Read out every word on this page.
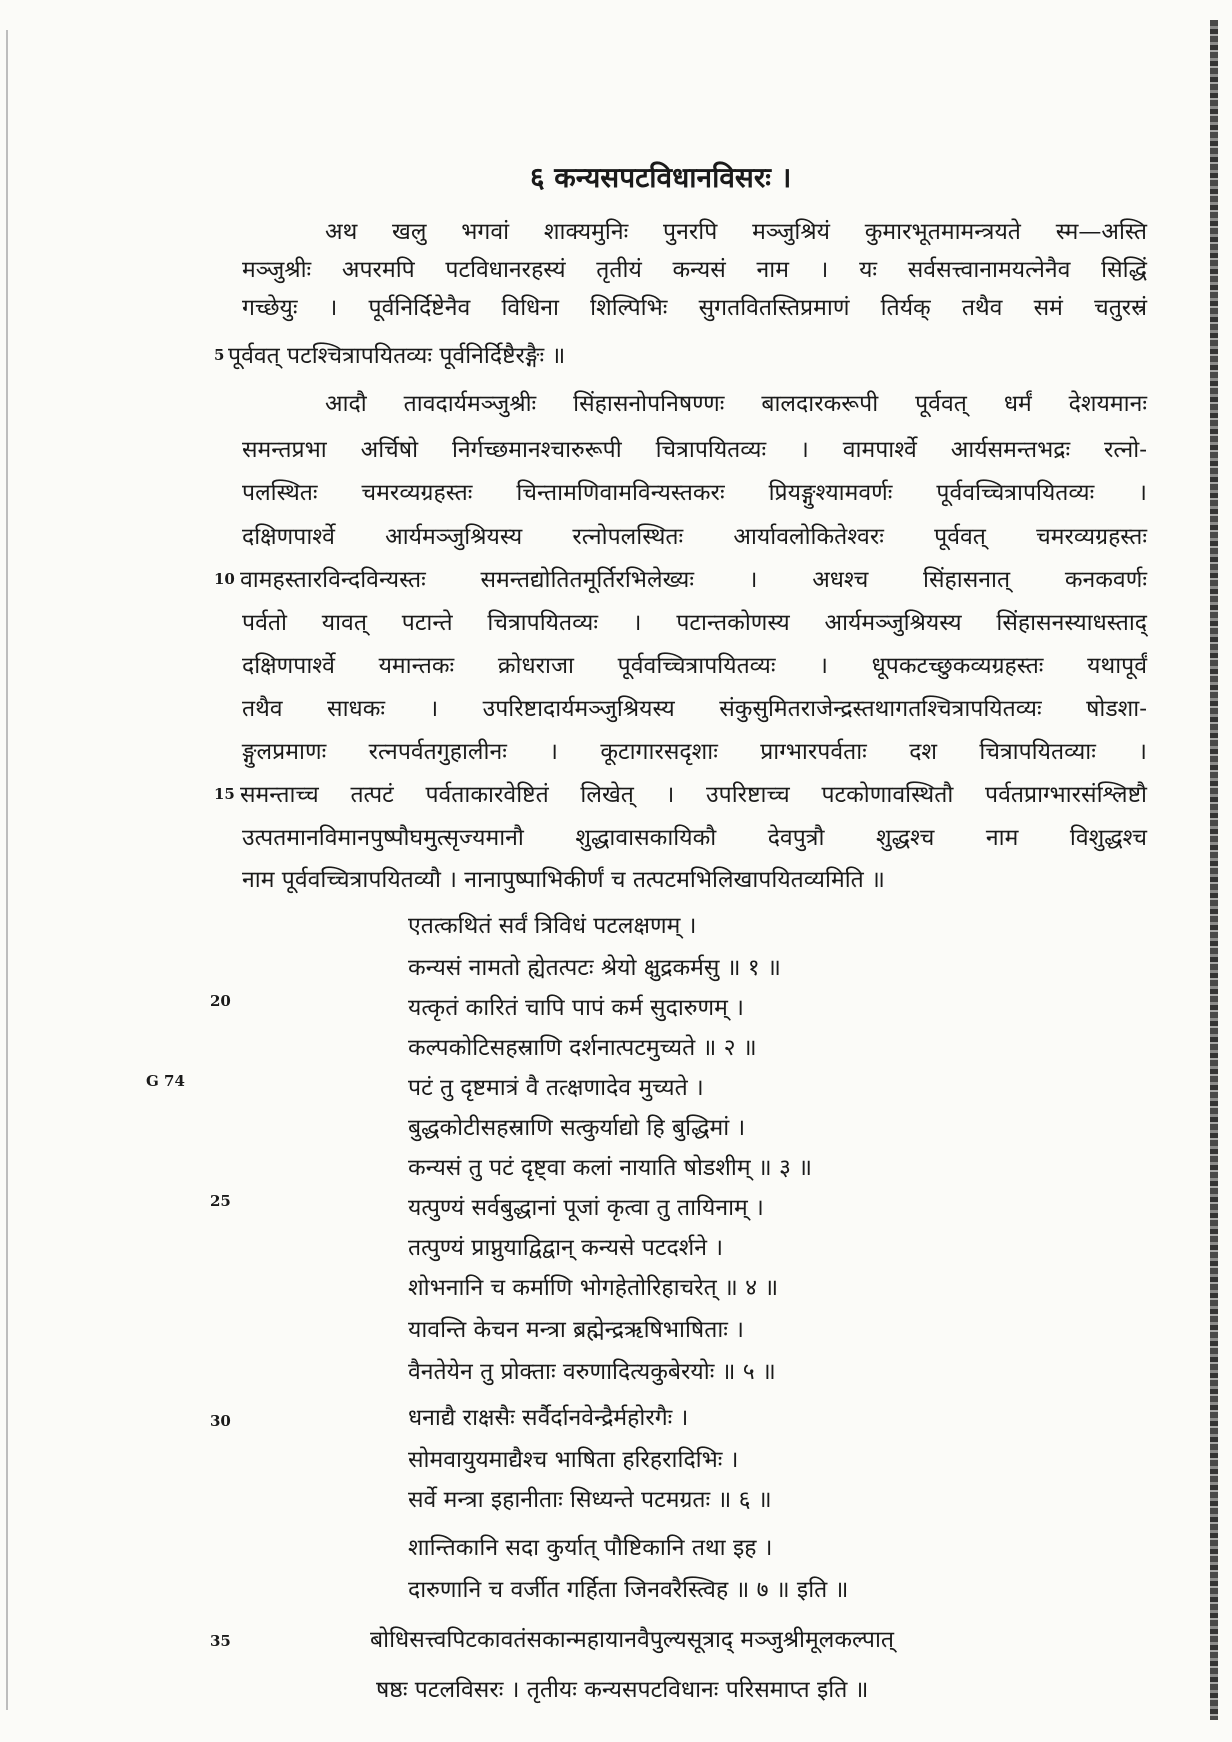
६ कन्यसपटविधानविसरः ।
अथ खलु भगवां शाक्यमुनिः पुनरपि मञ्जुश्रियं कुमारभूतमामन्त्रयते स्म—अस्ति
मञ्जुश्रीः अपरमपि पटविधानरहस्यं तृतीयं कन्यसं नाम । यः सर्वसत्त्वानामयत्नेनैव सिद्धिं
गच्छेयुः । पूर्वनिर्दिष्टेनैव विधिना शिल्पिभिः सुगतवितस्तिप्रमाणं तिर्यक् तथैव समं चतुरस्रं
5 पूर्ववत् पटश्चित्रापयितव्यः पूर्वनिर्दिष्टैरङ्गैः ॥
आदौ तावदार्यमञ्जुश्रीः सिंहासनोपनिषण्णः बालदारकरूपी पूर्ववत् धर्मं देशयमानः
समन्तप्रभा अर्चिषो निर्गच्छमानश्चारुरूपी चित्रापयितव्यः । वामपार्श्वे आर्यसमन्तभद्रः रत्नो-
पलस्थितः चमरव्यग्रहस्तः चिन्तामणिवामविन्यस्तकरः प्रियङ्गुश्यामवर्णः पूर्ववच्चित्रापयितव्यः ।
दक्षिणपार्श्वे आर्यमञ्जुश्रियस्य रत्नोपलस्थितः आर्यावलोकितेश्वरः पूर्ववत् चमरव्यग्रहस्तः
10 वामहस्तारविन्दविन्यस्तः समन्तद्योतितमूर्तिरभिलेख्यः । अधश्च सिंहासनात् कनकवर्णः
पर्वतो यावत् पटान्ते चित्रापयितव्यः । पटान्तकोणस्य आर्यमञ्जुश्रियस्य सिंहासनस्याधस्ताद्
दक्षिणपार्श्वे यमान्तकः क्रोधराजा पूर्ववच्चित्रापयितव्यः । धूपकटच्छुकव्यग्रहस्तः यथापूर्वं
तथैव साधकः । उपरिष्टादार्यमञ्जुश्रियस्य संकुसुमितराजेन्द्रस्तथागतश्चित्रापयितव्यः षोडशा-
ङ्गुलप्रमाणः रत्नपर्वतगुहालीनः । कूटागारसदृशाः प्राग्भारपर्वताः दश चित्रापयितव्याः ।
15 समन्ताच्च तत्पटं पर्वताकारवेष्टितं लिखेत् । उपरिष्टाच्च पटकोणावस्थितौ पर्वतप्राग्भारसंश्लिष्टौ
उत्पतमानविमानपुष्पौघमुत्सृज्यमानौ शुद्धावासकायिकौ देवपुत्रौ शुद्धश्च नाम विशुद्धश्च
नाम पूर्ववच्चित्रापयितव्यौ । नानापुष्पाभिकीर्णं च तत्पटमभिलिखापयितव्यमिति ॥
एतत्कथितं सर्वं त्रिविधं पटलक्षणम् ।
कन्यसं नामतो ह्येतत्पटः श्रेयो क्षुद्रकर्मसु ॥ १ ॥
20	यत्कृतं कारितं चापि पापं कर्म सुदारुणम् ।
कल्पकोटिसहस्राणि दर्शनात्पटमुच्यते ॥ २ ॥
G 74	पटं तु दृष्टमात्रं वै तत्क्षणादेव मुच्यते ।
बुद्धकोटीसहस्राणि सत्कुर्याद्यो हि बुद्धिमां ।
कन्यसं तु पटं दृष्ट्वा कलां नायाति षोडशीम् ॥ ३ ॥
25	यत्पुण्यं सर्वबुद्धानां पूजां कृत्वा तु तायिनाम् ।
तत्पुण्यं प्राप्नुयाद्विद्वान् कन्यसे पटदर्शने ।
शोभनानि च कर्माणि भोगहेतोरिहाचरेत् ॥ ४ ॥
यावन्ति केचन मन्त्रा ब्रह्मेन्द्रऋषिभाषिताः ।
वैनतेयेन तु प्रोक्ताः वरुणादित्यकुबेरयोः ॥ ५ ॥
30	धनाद्यै राक्षसैः सर्वैर्दानवेन्द्रैर्महोरगैः ।
सोमवायुयमाद्यैश्च भाषिता हरिहरादिभिः ।
सर्वे मन्त्रा इहानीताः सिध्यन्ते पटमग्रतः ॥ ६ ॥
शान्तिकानि सदा कुर्यात् पौष्टिकानि तथा इह ।
दारुणानि च वर्जीत गर्हिता जिनवरैस्त्विह ॥ ७ ॥ इति ॥
35	बोधिसत्त्वपिटकावतंसकान्महायानवैपुल्यसूत्राद् मञ्जुश्रीमूलकल्पात्
षष्ठः पटलविसरः । तृतीयः कन्यसपटविधानः परिसमाप्त इति ॥
